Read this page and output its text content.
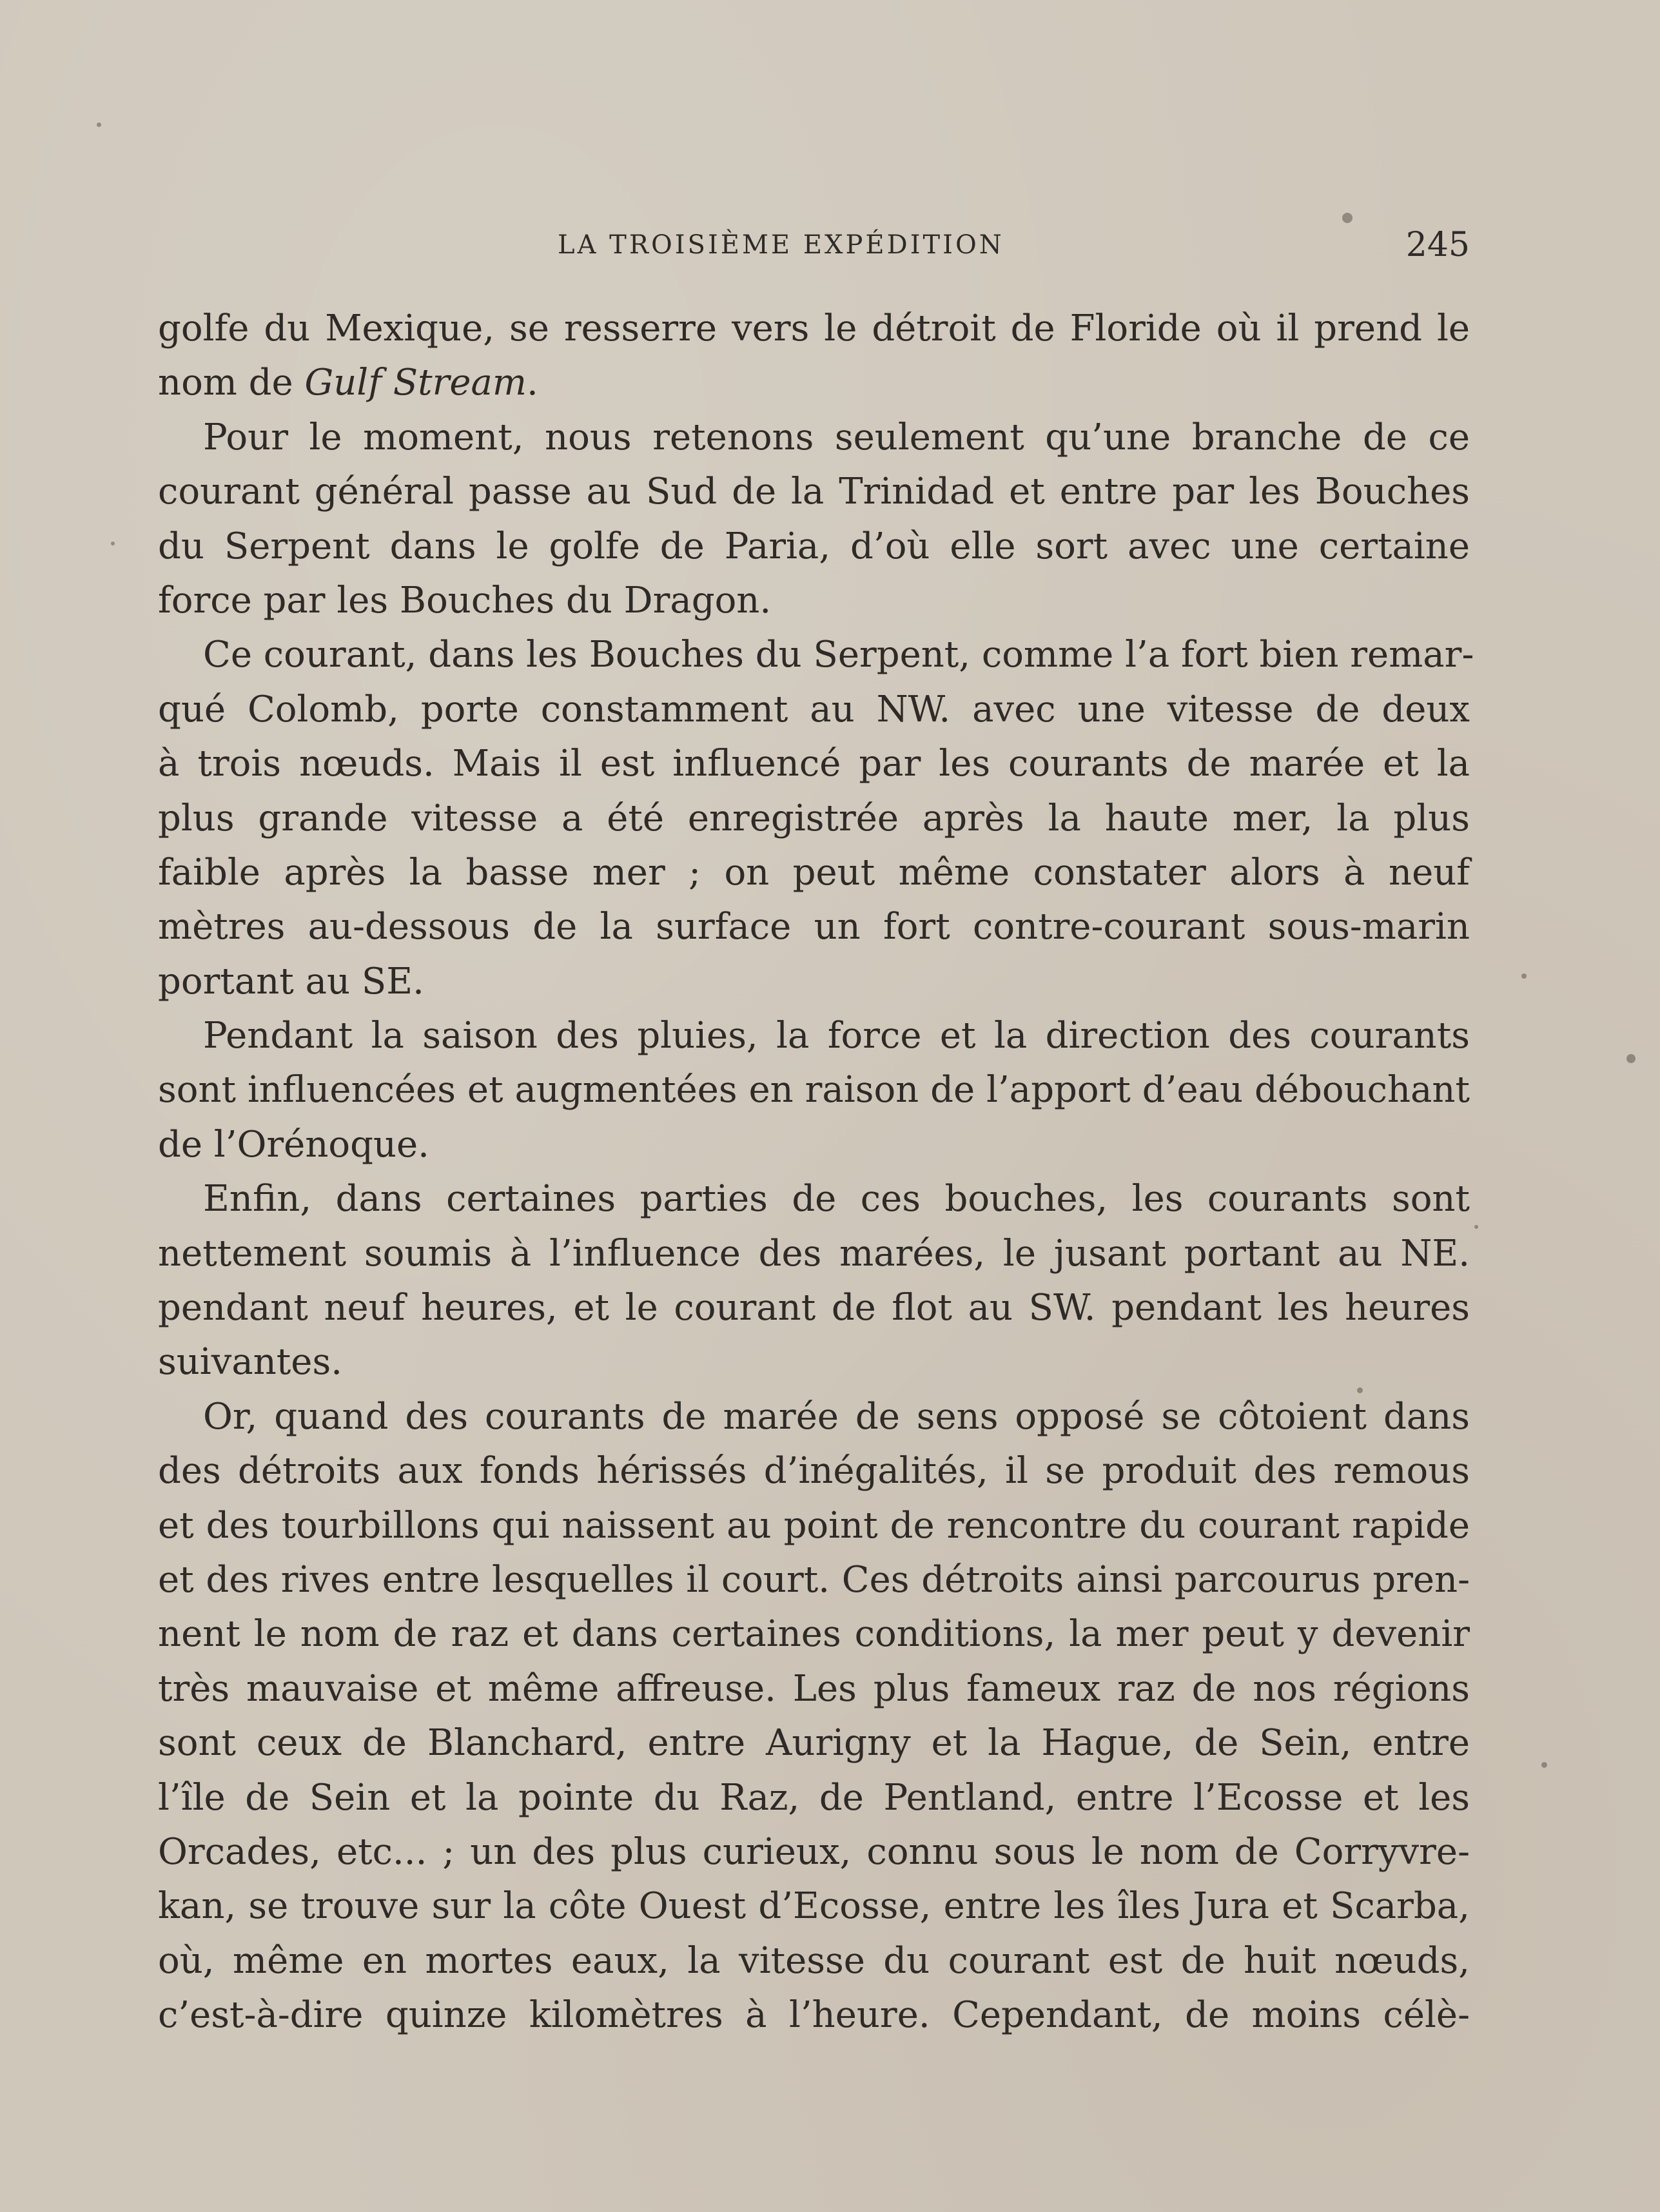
LA TROISIÈME EXPÉDITION	245
golfe du Mexique, se resserre vers le détroit de Floride où il prend le
nom de Gulf Stream.
Pour le moment, nous retenons seulement qu’une branche de ce
courant général passe au Sud de la Trinidad et entre par les Bouches
du Serpent dans le golfe de Paria, d’où elle sort avec une certaine
force par les Bouches du Dragon.
Ce courant, dans les Bouches du Serpent, comme l’a fort bien remar-
qué Colomb, porte constamment au NW. avec une vitesse de deux
à trois nœuds. Mais il est influencé par les courants de marée et la
plus grande vitesse a été enregistrée après la haute mer, la plus
faible après la basse mer ; on peut même constater alors à neuf
mètres au-dessous de la surface un fort contre-courant sous-marin
portant au SE.
Pendant la saison des pluies, la force et la direction des courants
sont influencées et augmentées en raison de l’apport d’eau débouchant
de l’Orénoque.
Enfin, dans certaines parties de ces bouches, les courants sont
nettement soumis à l’influence des marées, le jusant portant au NE.
pendant neuf heures, et le courant de flot au SW. pendant les heures
suivantes.
Or, quand des courants de marée de sens opposé se côtoient dans
des détroits aux fonds hérissés d’inégalités, il se produit des remous
et des tourbillons qui naissent au point de rencontre du courant rapide
et des rives entre lesquelles il court. Ces détroits ainsi parcourus pren-
nent le nom de raz et dans certaines conditions, la mer peut y devenir
très mauvaise et même affreuse. Les plus fameux raz de nos régions
sont ceux de Blanchard, entre Aurigny et la Hague, de Sein, entre
l’île de Sein et la pointe du Raz, de Pentland, entre l’Ecosse et les
Orcades, etc... ; un des plus curieux, connu sous le nom de Corryvre-
kan, se trouve sur la côte Ouest d’Ecosse, entre les îles Jura et Scarba,
où, même en mortes eaux, la vitesse du courant est de huit nœuds,
c’est-à-dire quinze kilomètres à l’heure. Cependant, de moins célè-
